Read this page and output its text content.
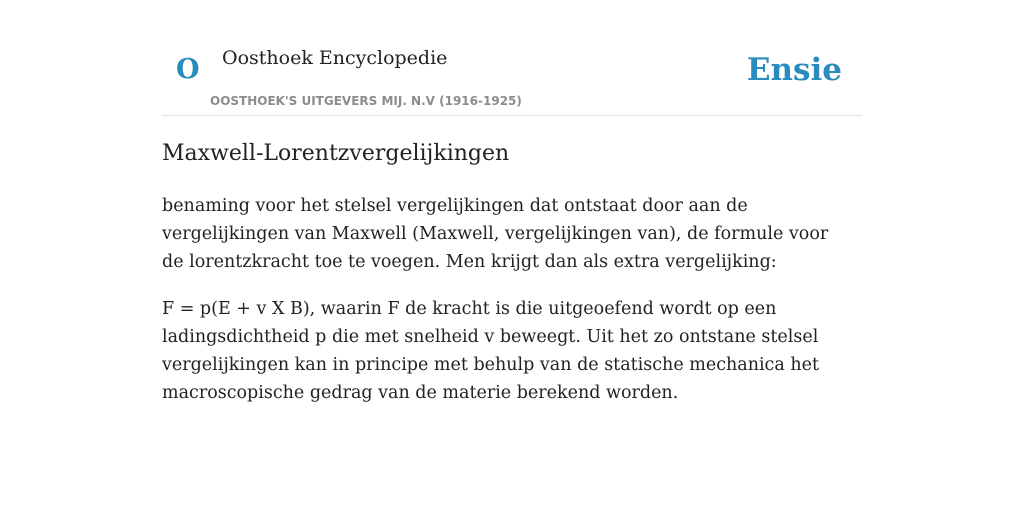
O Oosthoek Encyclopedie
OOSTHOEK'S UITGEVERS MIJ. N.V (1916-1925)
Ensie
Maxwell-Lorentzvergelijkingen

benaming voor het stelsel vergelijkingen dat ontstaat door aan de vergelijkingen van Maxwell (Maxwell, vergelijkingen van), de formule voor de lorentzkracht toe te voegen. Men krijgt dan als extra vergelijking:

F = p(E + v X B), waarin F de kracht is die uitgeoefend wordt op een ladingsdichtheid p die met snelheid v beweegt. Uit het zo ontstane stelsel vergelijkingen kan in principe met behulp van de statische mechanica het macroscopische gedrag van de materie berekend worden.
